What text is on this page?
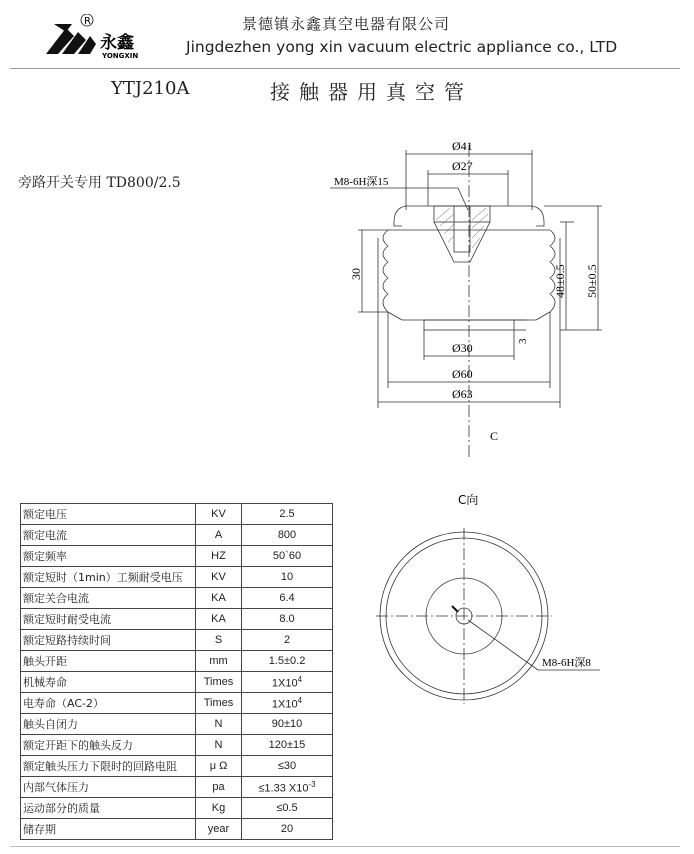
R
永鑫
YONGXIN
景德镇永鑫真空电器有限公司
Jingdezhen yong xin vacuum electric appliance co., LTD
YTJ210A	接触器用真空管
旁路开关专用 TD800/2.5
Ø41
Ø27
M8-6H深15
30	48±0.5 50±0.5
Ø30	3
Ø60
Ø63
C
额定电压	KV	2.5
额定电流	A	800
额定频率	HZ	50`60
额定短时（1min）工频耐受电压	KV	10
额定关合电流	KA	6.4
额定短时耐受电流	KA	8.0
额定短路持续时间	S	2
触头开距	mm	1.5±0.2
机械寿命	Times	$1X10^4$
电寿命（AC-2）	Times	$1X10^4$
触头自闭力	N	90±10
额定开距下的触头反力	N	120±15
额定触头压力下限时的回路电阻	μ Ω	≤30
内部气体压力	pa	≤1.33 $X10^{-3}$
运动部分的质量	Kg	≤0.5
储存期	year	20
C向
M8-6H深8
